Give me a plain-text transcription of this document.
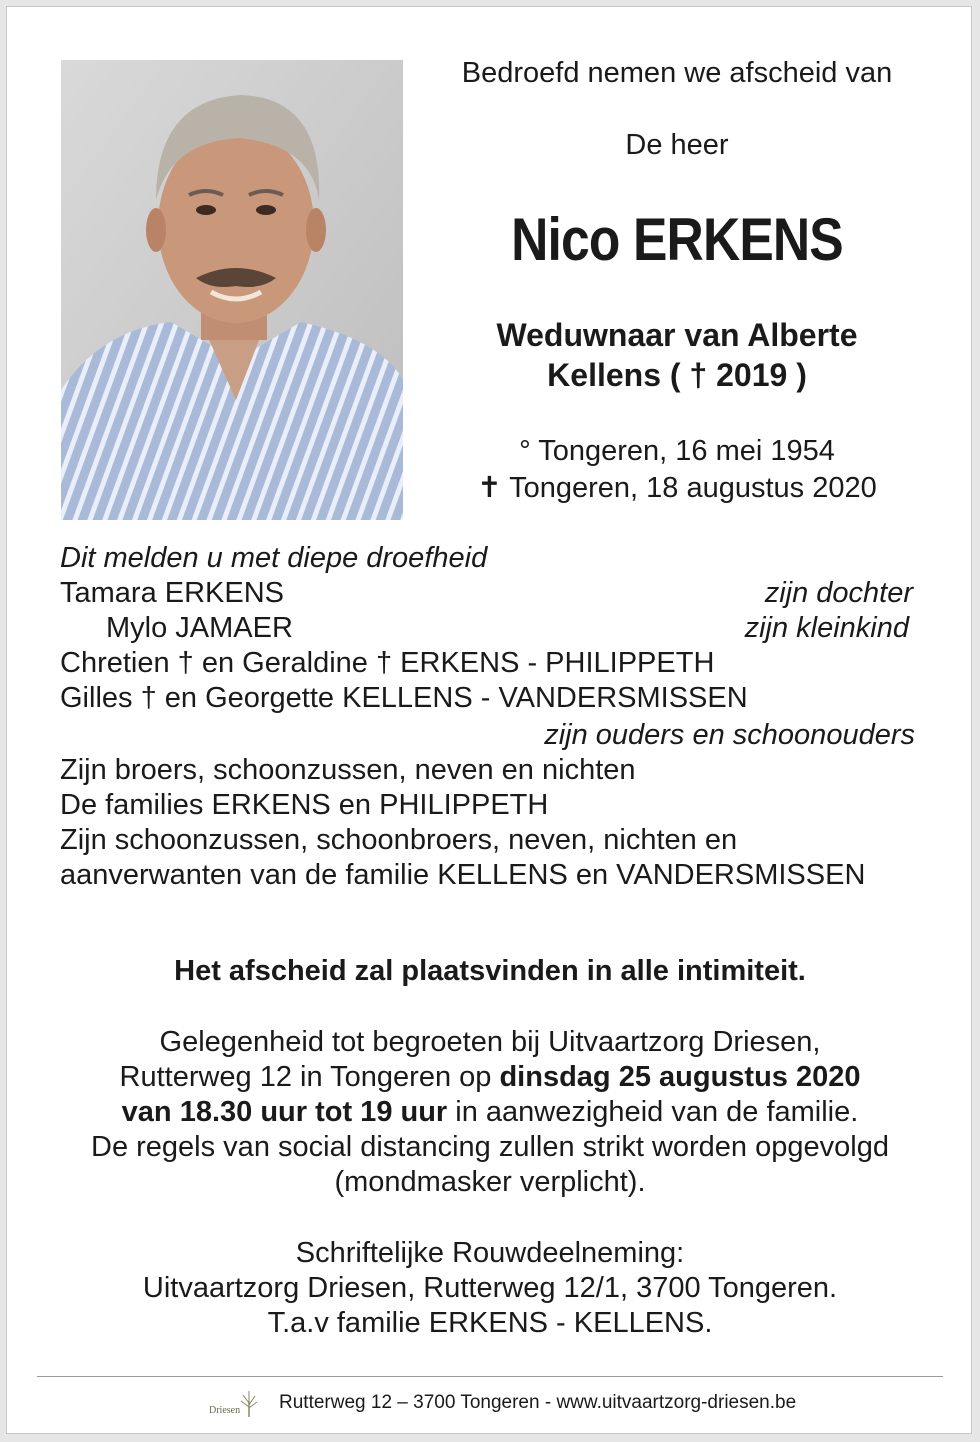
Bedroefd nemen we afscheid van
De heer
Nico ERKENS
Weduwnaar van Alberte
Kellens ( † 2019 )
° Tongeren, 16 mei 1954
✝ Tongeren, 18 augustus 2020
Dit melden u met diepe droefheid
Tamara ERKENS	zijn dochter
Mylo JAMAER	zijn kleinkind
Chretien † en Geraldine † ERKENS - PHILIPPETH
Gilles † en Georgette KELLENS - VANDERSMISSEN
zijn ouders en schoonouders
Zijn broers, schoonzussen, neven en nichten
De families ERKENS en PHILIPPETH
Zijn schoonzussen, schoonbroers, neven, nichten en
aanverwanten van de familie KELLENS en VANDERSMISSEN
Het afscheid zal plaatsvinden in alle intimiteit.
Gelegenheid tot begroeten bij Uitvaartzorg Driesen,
Rutterweg 12 in Tongeren op dinsdag 25 augustus 2020
van 18.30 uur tot 19 uur in aanwezigheid van de familie.
De regels van social distancing zullen strikt worden opgevolgd
(mondmasker verplicht).
Schriftelijke Rouwdeelneming:
Uitvaartzorg Driesen, Rutterweg 12/1, 3700 Tongeren.
T.a.v familie ERKENS - KELLENS.
Driesen Rutterweg 12 – 3700 Tongeren - www.uitvaartzorg-driesen.be
